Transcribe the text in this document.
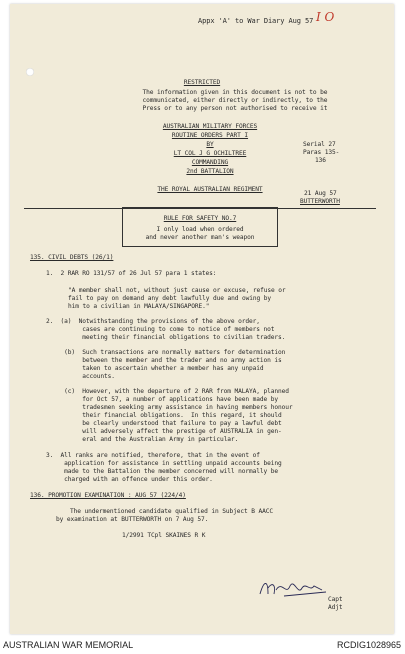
I O
Appx 'A' to War Diary Aug 57
RESTRICTED
The information given in this document is not to be
communicated, either directly or indirectly, to the
Press or to any person not authorised to receive it
AUSTRALIAN MILITARY FORCES
ROUTINE ORDERS PART I
BY
LT COL J G OCHILTREE
COMMANDING
2nd BATTALION
THE ROYAL AUSTRALIAN REGIMENT
Serial 27
Paras 135-
136
21 Aug 57
BUTTERWORTH
RULE FOR SAFETY NO.7
I only load when ordered
and never another man's weapon
135. CIVIL DEBTS (26/1)
1.  2 RAR RO 131/57 of 26 Jul 57 para 1 states:
"A member shall not, without just cause or excuse, refuse or
fail to pay on demand any debt lawfully due and owing by
him to a civilian in MALAYA/SINGAPORE."
2.  (a)  Notwithstanding the provisions of the above order,
cases are continuing to come to notice of members not
meeting their financial obligations to civilian traders.
(b)  Such transactions are normally matters for determination
between the member and the trader and no army action is
taken to ascertain whether a member has any unpaid
accounts.
(c)  However, with the departure of 2 RAR from MALAYA, planned
for Oct 57, a number of applications have been made by
tradesmen seeking army assistance in having members honour
their financial obligations.  In this regard, it should
be clearly understood that failure to pay a lawful debt
will adversely affect the prestige of AUSTRALIA in gen-
eral and the Australian Army in particular.
3.  All ranks are notified, therefore, that in the event of
application for assistance in settling unpaid accounts being
made to the Battalion the member concerned will normally be
charged with an offence under this order.
136. PROMOTION EXAMINATION : AUG 57 (224/4)
The undermentioned candidate qualified in Subject B AACC
by examination at BUTTERWORTH on 7 Aug 57.
1/2991 TCpl SKAINES R K
Capt
Adjt
AUSTRALIAN WAR MEMORIAL	RCDIG1028965
